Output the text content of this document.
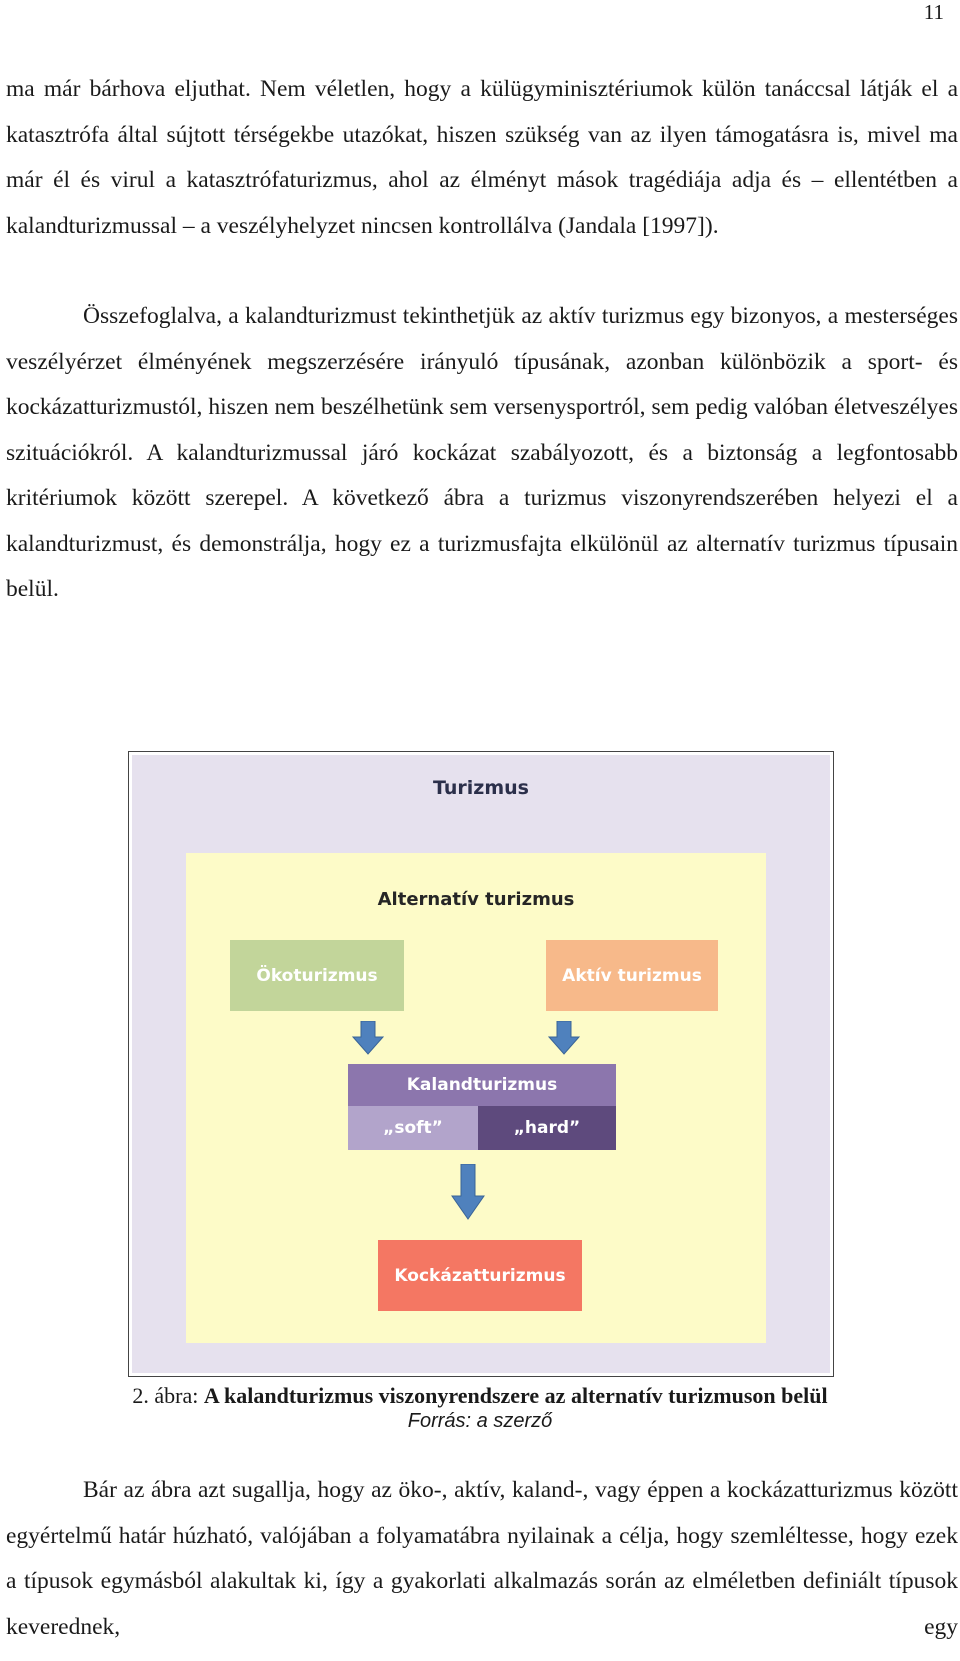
11

ma már bárhova eljuthat. Nem véletlen, hogy a külügyminisztériumok külön tanáccsal látják el a katasztrófa által sújtott térségekbe utazókat, hiszen szükség van az ilyen támogatásra is, mivel ma már él és virul a katasztrófaturizmus, ahol az élményt mások tragédiája adja és – ellentétben a kalandturizmussal – a veszélyhelyzet nincsen kontrollálva (Jandala [1997]).

Összefoglalva, a kalandturizmust tekinthetjük az aktív turizmus egy bizonyos, a mesterséges veszélyérzet élményének megszerzésére irányuló típusának, azonban különbözik a sport- és kockázatturizmustól, hiszen nem beszélhetünk sem versenysportról, sem pedig valóban életveszélyes szituációkról. A kalandturizmussal járó kockázat szabályozott, és a biztonság a legfontosabb kritériumok között szerepel. A következő ábra a turizmus viszonyrendszerében helyezi el a kalandturizmust, és demonstrálja, hogy ez a turizmusfajta elkülönül az alternatív turizmus típusain belül.

Turizmus
Alternatív turizmus
Ökoturizmus	Aktív turizmus
Kalandturizmus
„soft”	„hard”
Kockázatturizmus
2. ábra: A kalandturizmus viszonyrendszere az alternatív turizmuson belül
Forrás: a szerző

Bár az ábra azt sugallja, hogy az öko-, aktív, kaland-, vagy éppen a kockázatturizmus között egyértelmű határ húzható, valójában a folyamatábra nyilainak a célja, hogy szemléltesse, hogy ezek a típusok egymásból alakultak ki, így a gyakorlati alkalmazás során az elméletben definiált típusok keverednek, egy
